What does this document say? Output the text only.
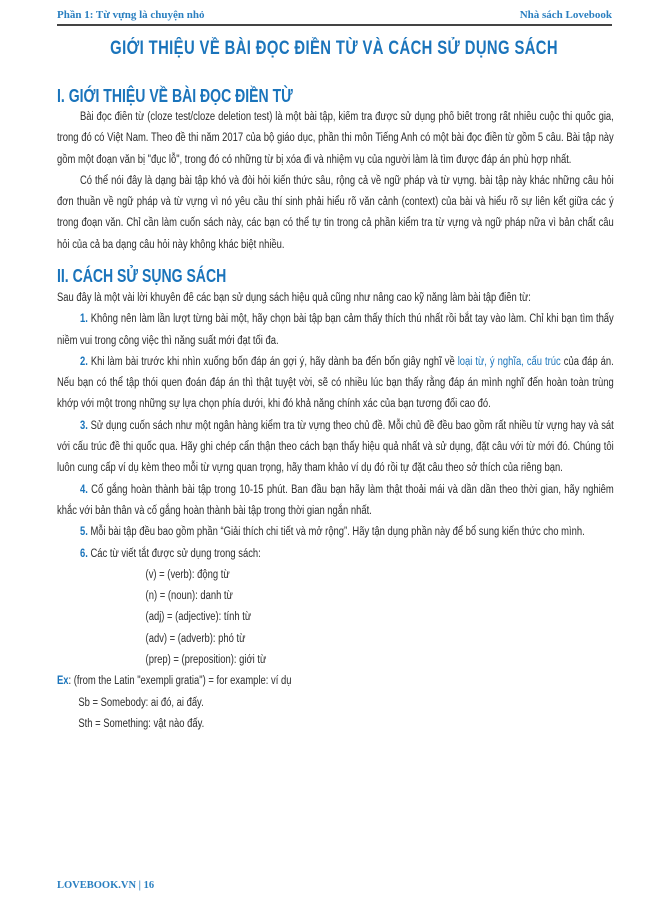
Phần 1: Từ vựng là chuyện nhỏ	Nhà sách Lovebook
GIỚI THIỆU VỀ BÀI ĐỌC ĐIỀN TỪ VÀ CÁCH SỬ DỤNG SÁCH
I. GIỚI THIỆU VỀ BÀI ĐỌC ĐIỀN TỪ

Bài đọc điền từ (cloze test/cloze deletion test) là một bài tập, kiểm tra được sử dụng phổ biết trong rất nhiều cuộc thi quốc gia, trong đó có Việt Nam. Theo đề thi năm 2017 của bộ giáo dục, phần thi môn Tiếng Anh có một bài đọc điền từ gồm 5 câu. Bài tập này gồm một đoạn văn bị "đục lỗ", trong đó có những từ bị xóa đi và nhiệm vụ của người làm là tìm được đáp án phù hợp nhất.

Có thể nói đây là dạng bài tập khó và đòi hỏi kiến thức sâu, rộng cả về ngữ pháp và từ vựng. bài tập này khác những câu hỏi đơn thuần về ngữ pháp và từ vựng vì nó yêu cầu thí sinh phải hiểu rõ văn cảnh (context) của bài và hiểu rõ sự liên kết giữa các ý trong đoạn văn. Chỉ cần làm cuốn sách này, các bạn có thể tự tin trong cả phần kiểm tra từ vựng và ngữ pháp nữa vì bản chất câu hỏi của cả ba dạng câu hỏi này không khác biệt nhiều.

II. CÁCH SỬ SỤNG SÁCH

Sau đây là một vài lời khuyên để các bạn sử dụng sách hiệu quả cũng như nâng cao kỹ năng làm bài tập điền từ:

1. Không nên làm lần lượt từng bài một, hãy chọn bài tập bạn cảm thấy thích thú nhất rồi bắt tay vào làm. Chỉ khi bạn tìm thấy niềm vui trong công việc thì năng suất mới đạt tối đa.

2. Khi làm bài trước khi nhìn xuống bốn đáp án gợi ý, hãy dành ba đến bốn giây nghĩ về loại từ, ý nghĩa, cấu trúc của đáp án. Nếu bạn có thể tập thói quen đoán đáp án thì thật tuyệt vời, sẽ có nhiều lúc bạn thấy rằng đáp án mình nghĩ đến hoàn toàn trùng khớp với một trong những sự lựa chọn phía dưới, khi đó khả năng chính xác của bạn tương đối cao đó.

3. Sử dụng cuốn sách như một ngân hàng kiểm tra từ vựng theo chủ đề. Mỗi chủ đề đều bao gồm rất nhiều từ vựng hay và sát với cấu trúc đề thi quốc qua. Hãy ghi chép cẩn thận theo cách bạn thấy hiệu quả nhất và sử dụng, đặt câu với từ mới đó. Chúng tôi luôn cung cấp ví dụ kèm theo mỗi từ vựng quan trọng, hãy tham khảo ví dụ đó rồi tự đặt câu theo sở thích của riêng bạn.

4. Cố gắng hoàn thành bài tập trong 10-15 phút. Ban đầu bạn hãy làm thật thoải mái và dần dần theo thời gian, hãy nghiêm khắc với bản thân và cố gắng hoàn thành bài tập trong thời gian ngắn nhất.

5. Mỗi bài tập đều bao gồm phần “Giải thích chi tiết và mở rộng”. Hãy tận dụng phần này để bổ sung kiến thức cho mình.

6. Các từ viết tắt được sử dụng trong sách:

(v) = (verb): động từ

(n) = (noun): danh từ

(adj) = (adjective): tính từ

(adv) = (adverb): phó từ

(prep) = (preposition): giới từ

Ex: (from the Latin "exempli gratia") = for example: ví dụ

Sb = Somebody: ai đó, ai đấy.

Sth = Something: vật nào đấy.

LOVEBOOK.VN | 16
